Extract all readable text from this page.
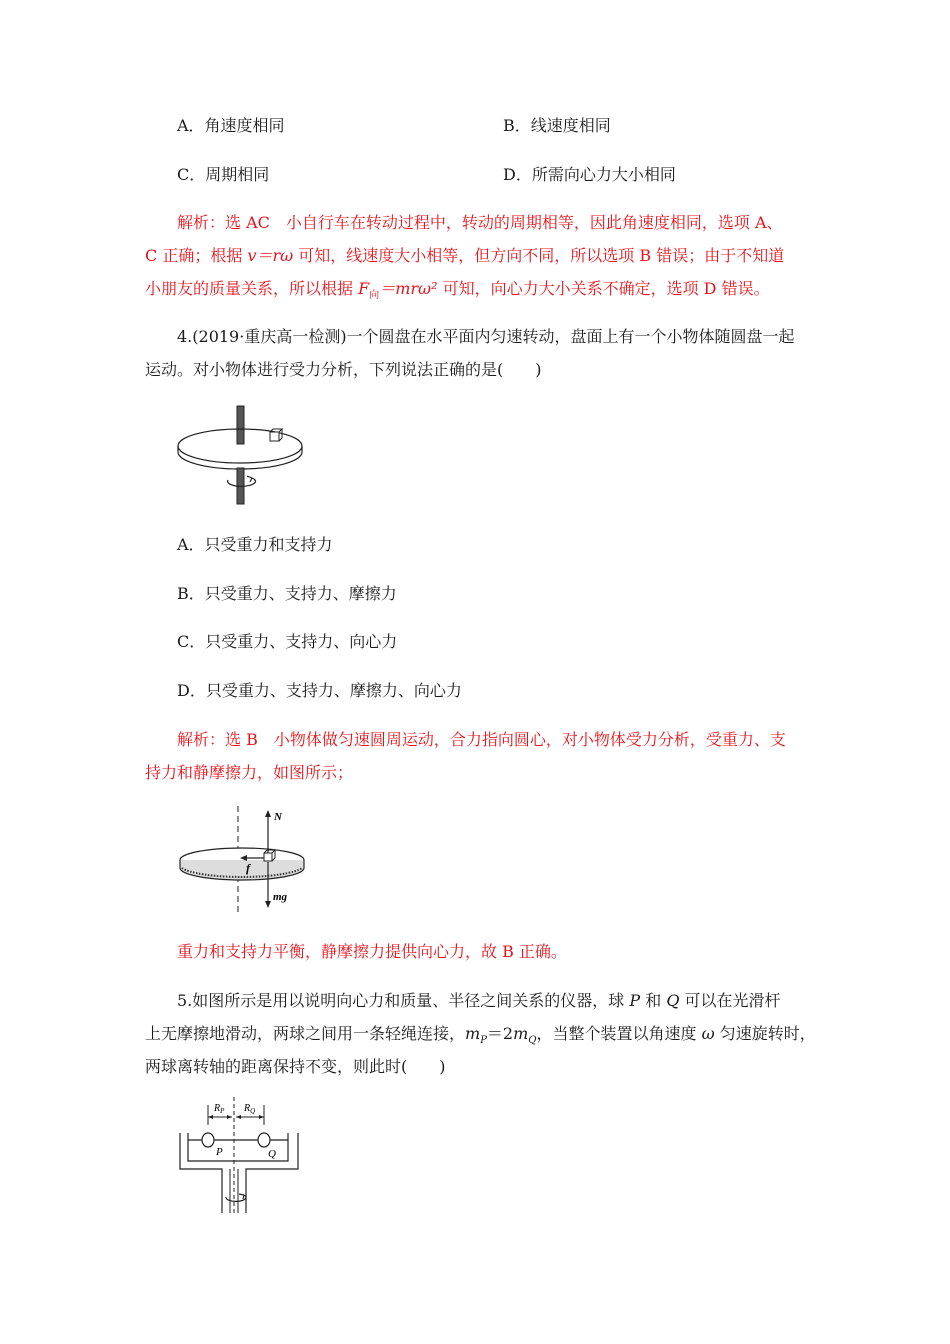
A．角速度相同	B．线速度相同
C．周期相同	D．所需向心力大小相同
解析：选 AC　小自行车在转动过程中，转动的周期相等，因此角速度相同，选项 A、
C 正确；根据 v＝rω 可知，线速度大小相等，但方向不同，所以选项 B 错误；由于不知道
小朋友的质量关系，所以根据 $F_向=mr\omega^2$ 可知，向心力大小关系不确定，选项 D 错误。
4.(2019·重庆高一检测)一个圆盘在水平面内匀速转动，盘面上有一个小物体随圆盘一起
运动。对小物体进行受力分析，下列说法正确的是(　　)
A．只受重力和支持力
B．只受重力、支持力、摩擦力
C．只受重力、支持力、向心力
D．只受重力、支持力、摩擦力、向心力
解析：选 B　小物体做匀速圆周运动，合力指向圆心，对小物体受力分析，受重力、支
持力和静摩擦力，如图所示；
N
f
mg
重力和支持力平衡，静摩擦力提供向心力，故 B 正确。
5.如图所示是用以说明向心力和质量、半径之间关系的仪器，球 P 和 Q 可以在光滑杆
上无摩擦地滑动，两球之间用一条轻绳连接，$m_P=2m_Q$，当整个装置以角速度 ω 匀速旋转时，
两球离转轴的距离保持不变，则此时(　　)
$R_P$ $R_Q$
P	Q
